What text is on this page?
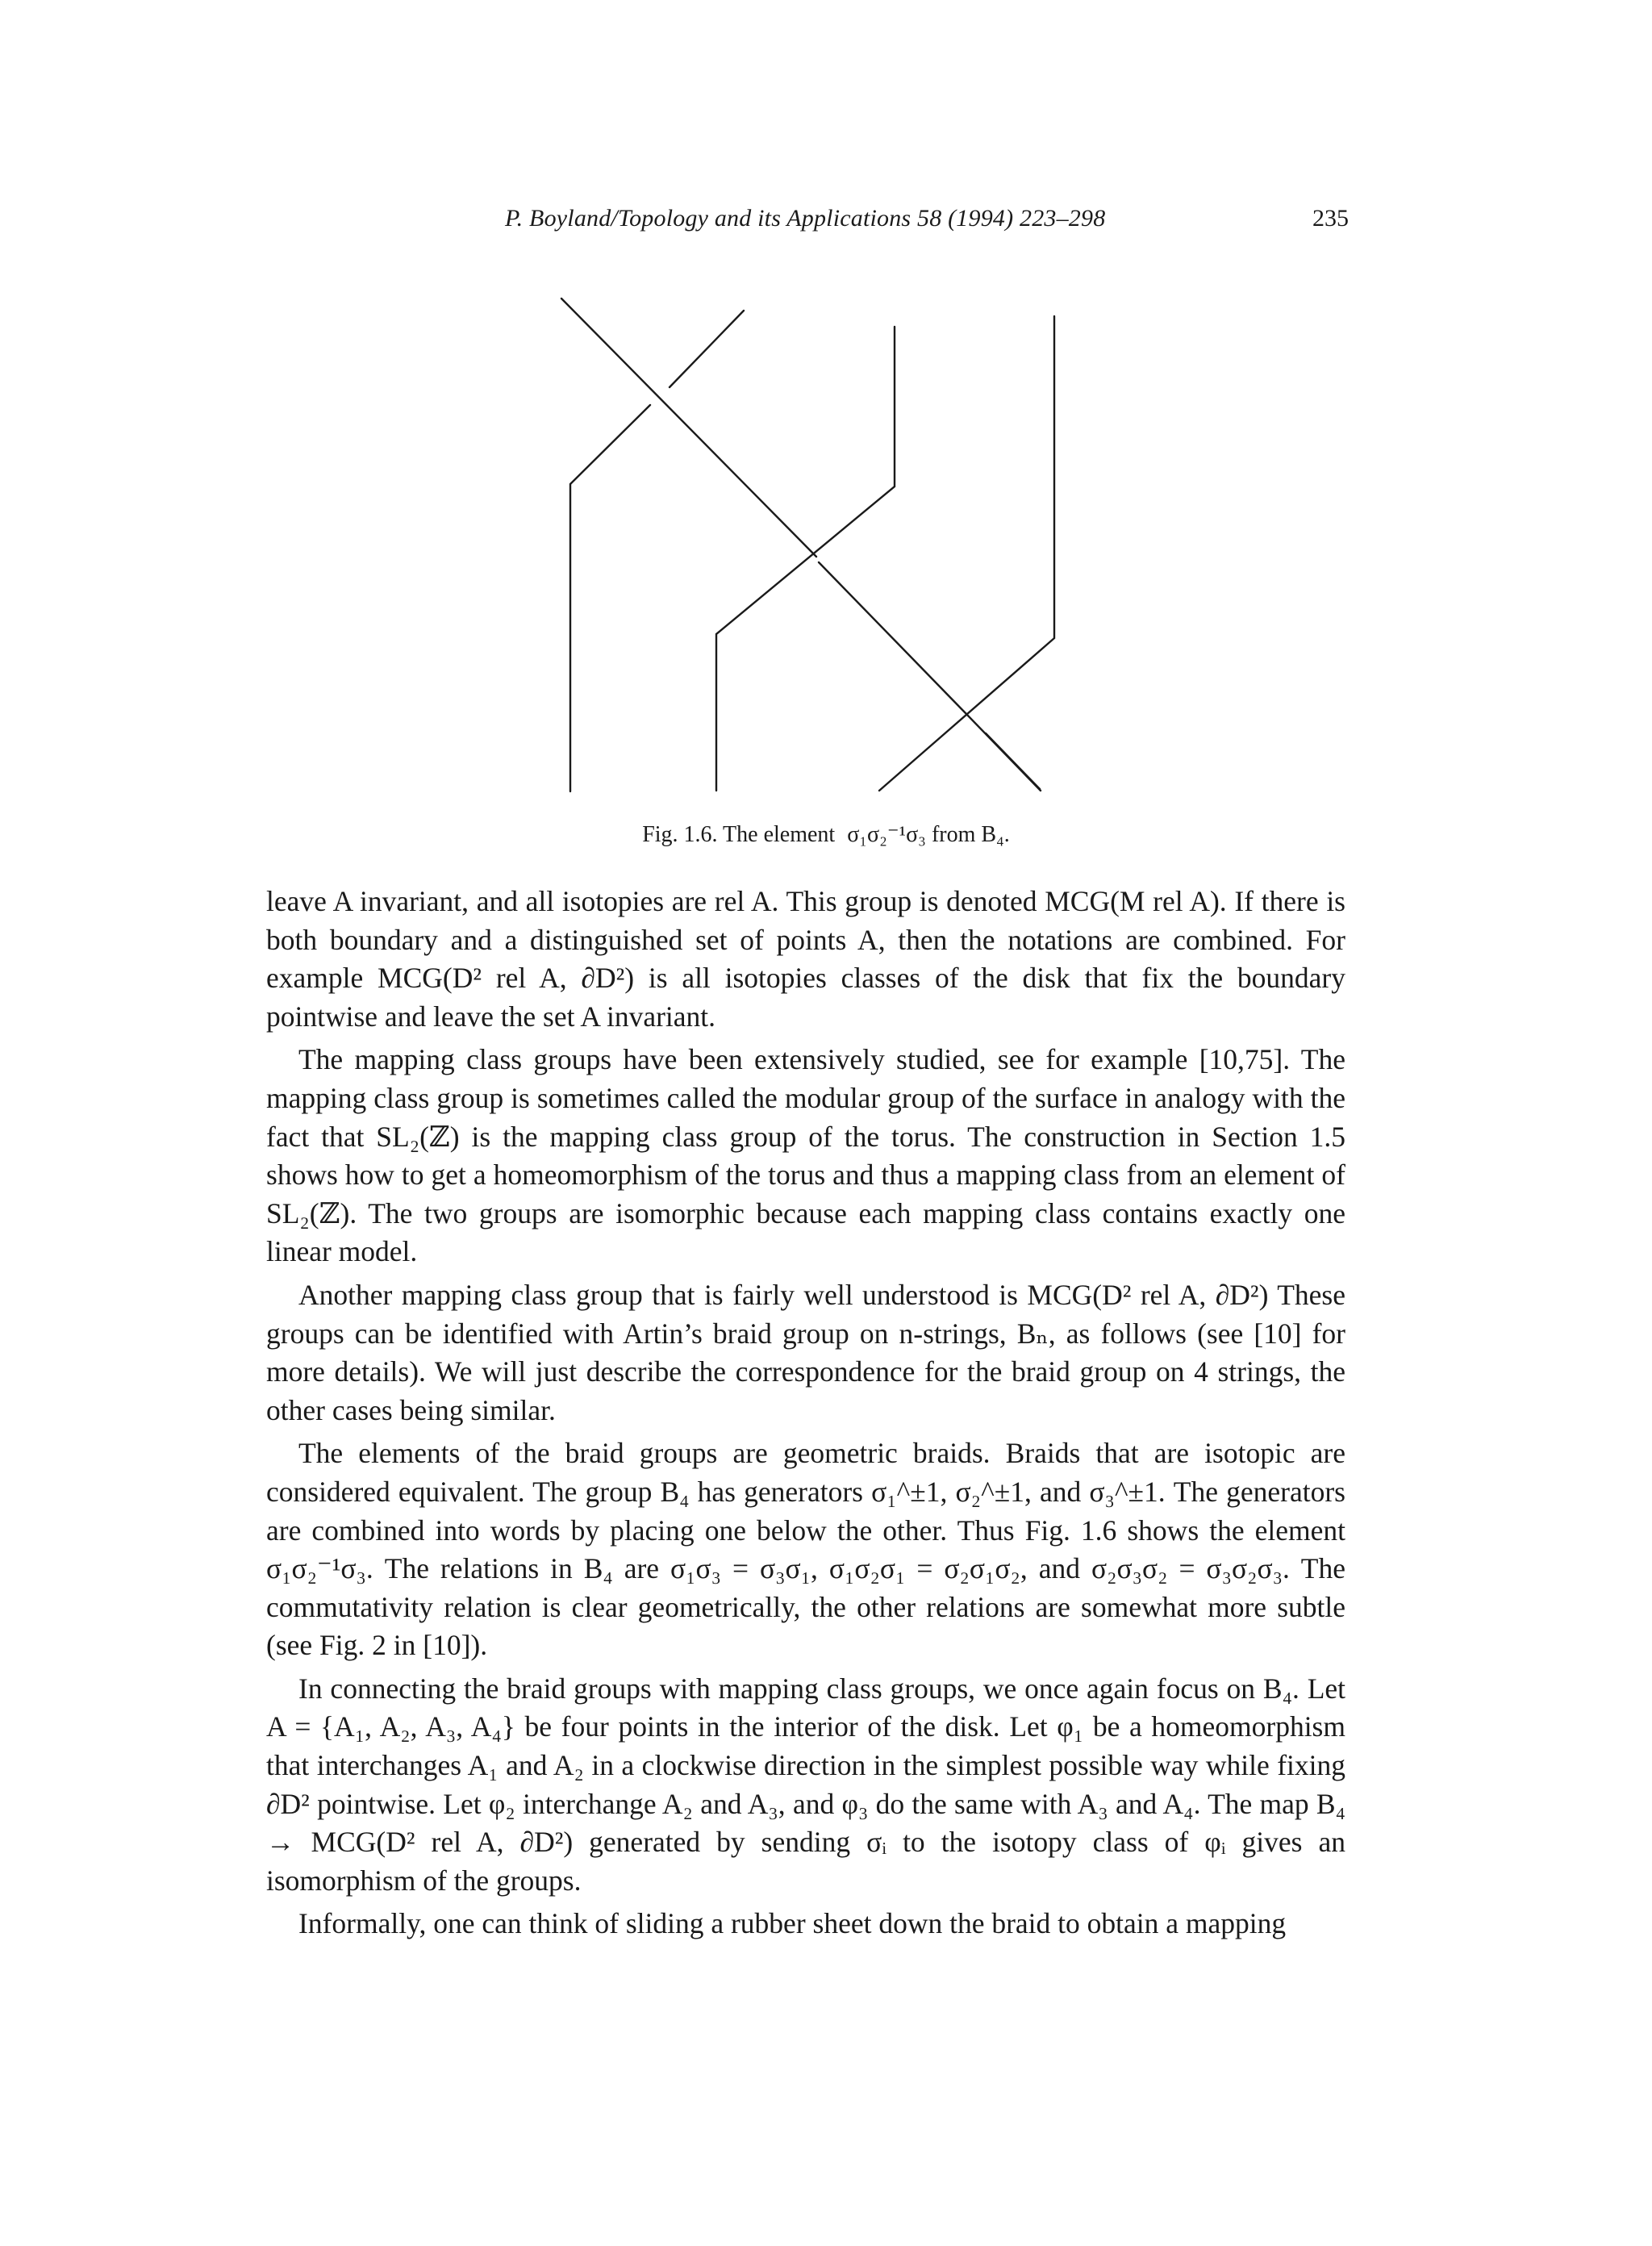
P. Boyland/Topology and its Applications 58 (1994) 223–298	235
Fig. 1.6. The element σ₁σ₂⁻¹σ₃ from B₄.

leave A invariant, and all isotopies are rel A. This group is denoted MCG(M rel A). If there is both boundary and a distinguished set of points A, then the notations are combined. For example MCG(D² rel A, ∂D²) is all isotopies classes of the disk that fix the boundary pointwise and leave the set A invariant.

The mapping class groups have been extensively studied, see for example [10,75]. The mapping class group is sometimes called the modular group of the surface in analogy with the fact that SL₂(ℤ) is the mapping class group of the torus. The construction in Section 1.5 shows how to get a homeomorphism of the torus and thus a mapping class from an element of SL₂(ℤ). The two groups are isomorphic because each mapping class contains exactly one linear model.

Another mapping class group that is fairly well understood is MCG(D² rel A, ∂D²) These groups can be identified with Artin’s braid group on n-strings, Bₙ, as follows (see [10] for more details). We will just describe the correspondence for the braid group on 4 strings, the other cases being similar.

The elements of the braid groups are geometric braids. Braids that are isotopic are considered equivalent. The group B₄ has generators σ₁^±1, σ₂^±1, and σ₃^±1. The generators are combined into words by placing one below the other. Thus Fig. 1.6 shows the element σ₁σ₂⁻¹σ₃. The relations in B₄ are σ₁σ₃ = σ₃σ₁, σ₁σ₂σ₁ = σ₂σ₁σ₂, and σ₂σ₃σ₂ = σ₃σ₂σ₃. The commutativity relation is clear geometrically, the other relations are somewhat more subtle (see Fig. 2 in [10]).

In connecting the braid groups with mapping class groups, we once again focus on B₄. Let A = {A₁, A₂, A₃, A₄} be four points in the interior of the disk. Let φ₁ be a homeomorphism that interchanges A₁ and A₂ in a clockwise direction in the simplest possible way while fixing ∂D² pointwise. Let φ₂ interchange A₂ and A₃, and φ₃ do the same with A₃ and A₄. The map B₄ → MCG(D² rel A, ∂D²) generated by sending σᵢ to the isotopy class of φᵢ gives an isomorphism of the groups.

Informally, one can think of sliding a rubber sheet down the braid to obtain a mapping
